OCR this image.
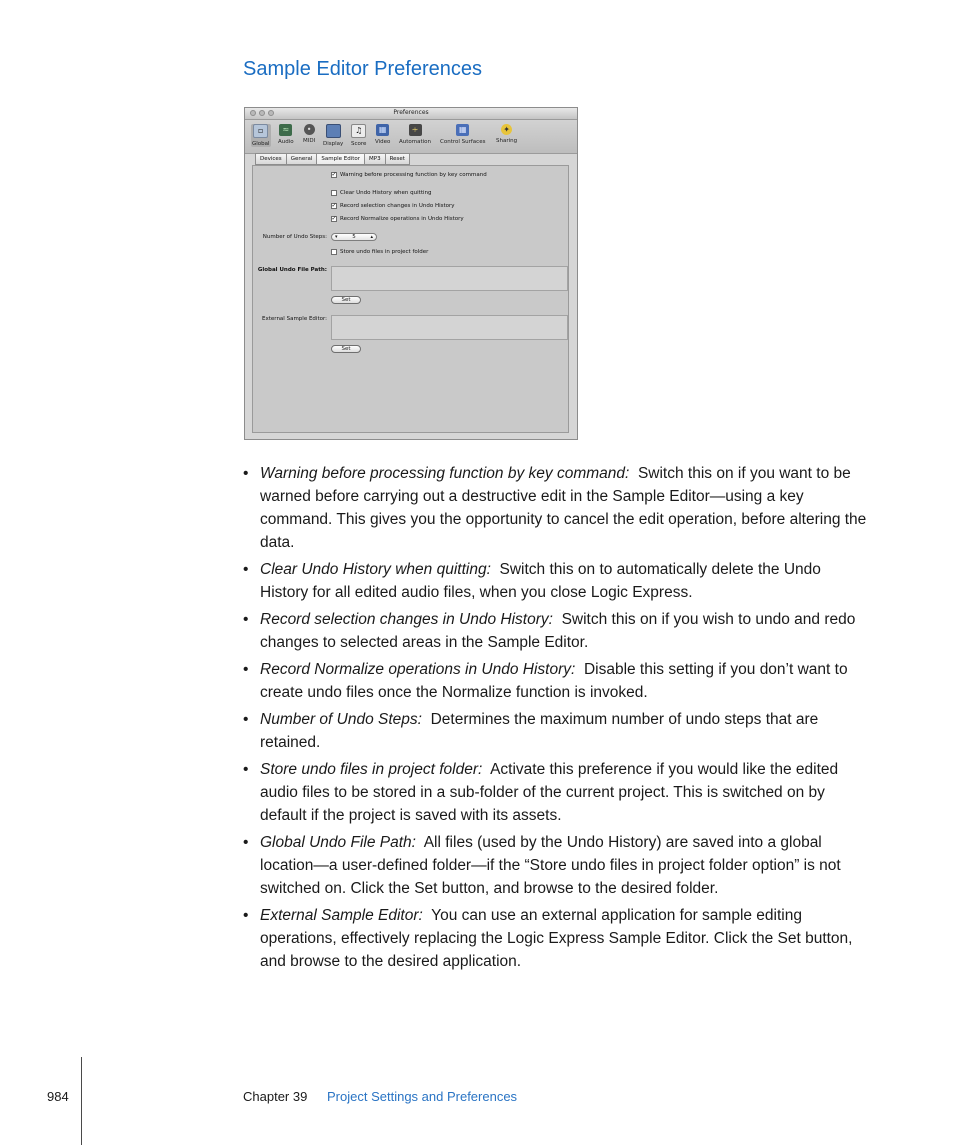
Sample Editor Preferences
Preferences
▫
Global
≈
Audio
•
MIDI Display
♫
Score
▦
Video
∻
Automation
▦
Control Surfaces
✦
Sharing
Devices	General	Sample Editor	MP3	Reset
✓ Warning before processing function by key command
Clear Undo History when quitting
✓ Record selection changes in Undo History
✓ Record Normalize operations in Undo History
Number of Undo Steps: ▾	5	▴
Store undo files in project folder
Global Undo File Path:
Set
External Sample Editor:
Set
• Warning before processing function by key command: Switch this on if you want to be warned before carrying out a destructive edit in the Sample Editor—using a key command. This gives you the opportunity to cancel the edit operation, before altering the data.
• Clear Undo History when quitting: Switch this on to automatically delete the Undo History for all edited audio files, when you close Logic Express.
• Record selection changes in Undo History: Switch this on if you wish to undo and redo changes to selected areas in the Sample Editor.
• Record Normalize operations in Undo History: Disable this setting if you don’t want to create undo files once the Normalize function is invoked.
• Number of Undo Steps: Determines the maximum number of undo steps that are retained.
• Store undo files in project folder: Activate this preference if you would like the edited audio files to be stored in a sub-folder of the current project. This is switched on by default if the project is saved with its assets.
• Global Undo File Path: All files (used by the Undo History) are saved into a global location—a user-defined folder—if the “Store undo files in project folder option” is not switched on. Click the Set button, and browse to the desired folder.
• External Sample Editor: You can use an external application for sample editing operations, effectively replacing the Logic Express Sample Editor. Click the Set button, and browse to the desired application.
984	Chapter 39 Project Settings and Preferences
